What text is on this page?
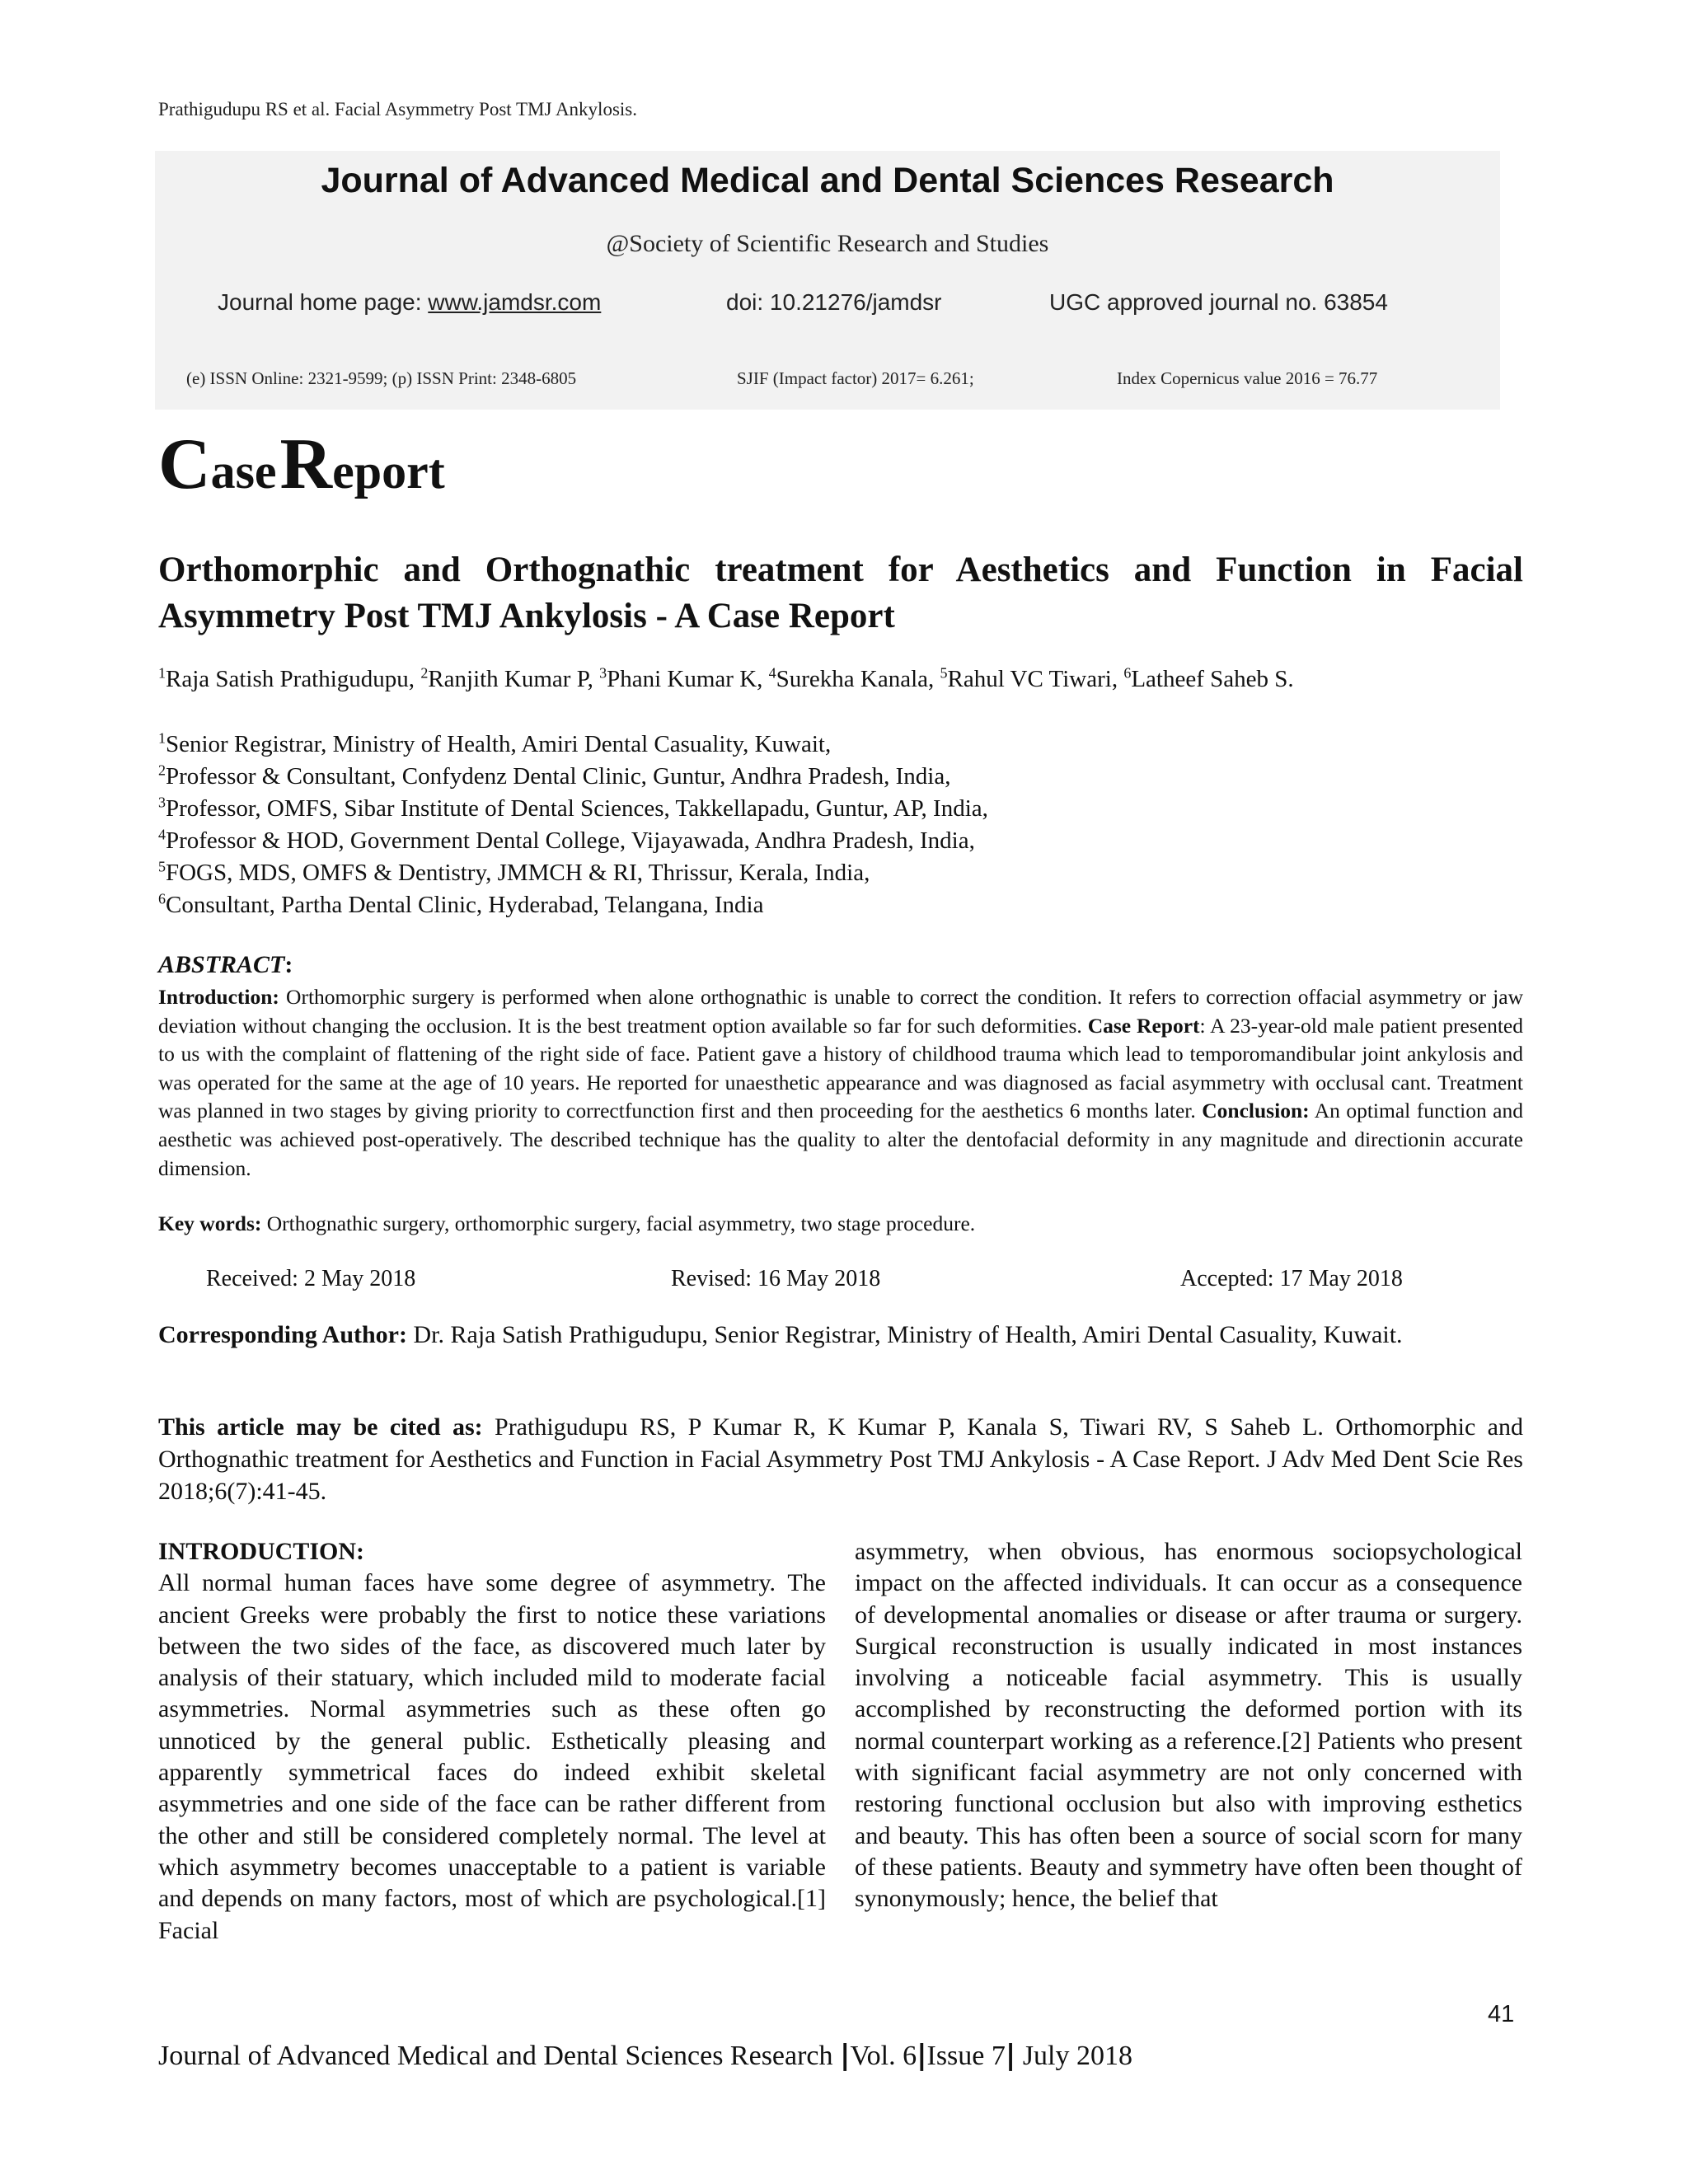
Prathigudupu RS et al. Facial Asymmetry Post TMJ Ankylosis.
Journal of Advanced Medical and Dental Sciences Research
@Society of Scientific Research and Studies
Journal home page: www.jamdsr.com	doi: 10.21276/jamdsr	UGC approved journal no. 63854
(e) ISSN Online: 2321-9599; (p) ISSN Print: 2348-6805	SJIF (Impact factor) 2017= 6.261;	Index Copernicus value 2016 = 76.77
Case Report
Orthomorphic and Orthognathic treatment for Aesthetics and Function in Facial Asymmetry Post TMJ Ankylosis - A Case Report
$^1$Raja Satish Prathigudupu, $^2$Ranjith Kumar P, $^3$Phani Kumar K, $^4$Surekha Kanala, $^5$Rahul VC Tiwari, $^6$Latheef Saheb S.
$^1$Senior Registrar, Ministry of Health, Amiri Dental Casuality, Kuwait,
$^2$Professor & Consultant, Confydenz Dental Clinic, Guntur, Andhra Pradesh, India,
$^3$Professor, OMFS, Sibar Institute of Dental Sciences, Takkellapadu, Guntur, AP, India,
$^4$Professor & HOD, Government Dental College, Vijayawada, Andhra Pradesh, India,
$^5$FOGS, MDS, OMFS & Dentistry, JMMCH & RI, Thrissur, Kerala, India,
$^6$Consultant, Partha Dental Clinic, Hyderabad, Telangana, India
ABSTRACT:
Introduction: Orthomorphic surgery is performed when alone orthognathic is unable to correct the condition. It refers to correction offacial asymmetry or jaw deviation without changing the occlusion. It is the best treatment option available so far for such deformities. Case Report: A 23-year-old male patient presented to us with the complaint of flattening of the right side of face. Patient gave a history of childhood trauma which lead to temporomandibular joint ankylosis and was operated for the same at the age of 10 years. He reported for unaesthetic appearance and was diagnosed as facial asymmetry with occlusal cant. Treatment was planned in two stages by giving priority to correctfunction first and then proceeding for the aesthetics 6 months later. Conclusion: An optimal function and aesthetic was achieved post-operatively. The described technique has the quality to alter the dentofacial deformity in any magnitude and directionin accurate dimension.
Key words: Orthognathic surgery, orthomorphic surgery, facial asymmetry, two stage procedure.
Received: 2 May 2018	Revised: 16 May 2018	Accepted: 17 May 2018
Corresponding Author: Dr. Raja Satish Prathigudupu, Senior Registrar, Ministry of Health, Amiri Dental Casuality, Kuwait.
This article may be cited as: Prathigudupu RS, P Kumar R, K Kumar P, Kanala S, Tiwari RV, S Saheb L. Orthomorphic and Orthognathic treatment for Aesthetics and Function in Facial Asymmetry Post TMJ Ankylosis - A Case Report. J Adv Med Dent Scie Res 2018;6(7):41-45.
INTRODUCTION:
All normal human faces have some degree of asymmetry. The ancient Greeks were probably the first to notice these variations between the two sides of the face, as discovered much later by analysis of their statuary, which included mild to moderate facial asymmetries. Normal asymmetries such as these often go unnoticed by the general public. Esthetically pleasing and apparently symmetrical faces do indeed exhibit skeletal asymmetries and one side of the face can be rather different from the other and still be considered completely normal. The level at which asymmetry becomes unacceptable to a patient is variable and depends on many factors, most of which are psychological.[1] Facial
asymmetry, when obvious, has enormous sociopsychological impact on the affected individuals. It can occur as a consequence of developmental anomalies or disease or after trauma or surgery. Surgical reconstruction is usually indicated in most instances involving a noticeable facial asymmetry. This is usually accomplished by reconstructing the deformed portion with its normal counterpart working as a reference.[2] Patients who present with significant facial asymmetry are not only concerned with restoring functional occlusion but also with improving esthetics and beauty. This has often been a source of social scorn for many of these patients. Beauty and symmetry have often been thought of synonymously; hence, the belief that
41
Journal of Advanced Medical and Dental Sciences Research |Vol. 6|Issue 7| July 2018
